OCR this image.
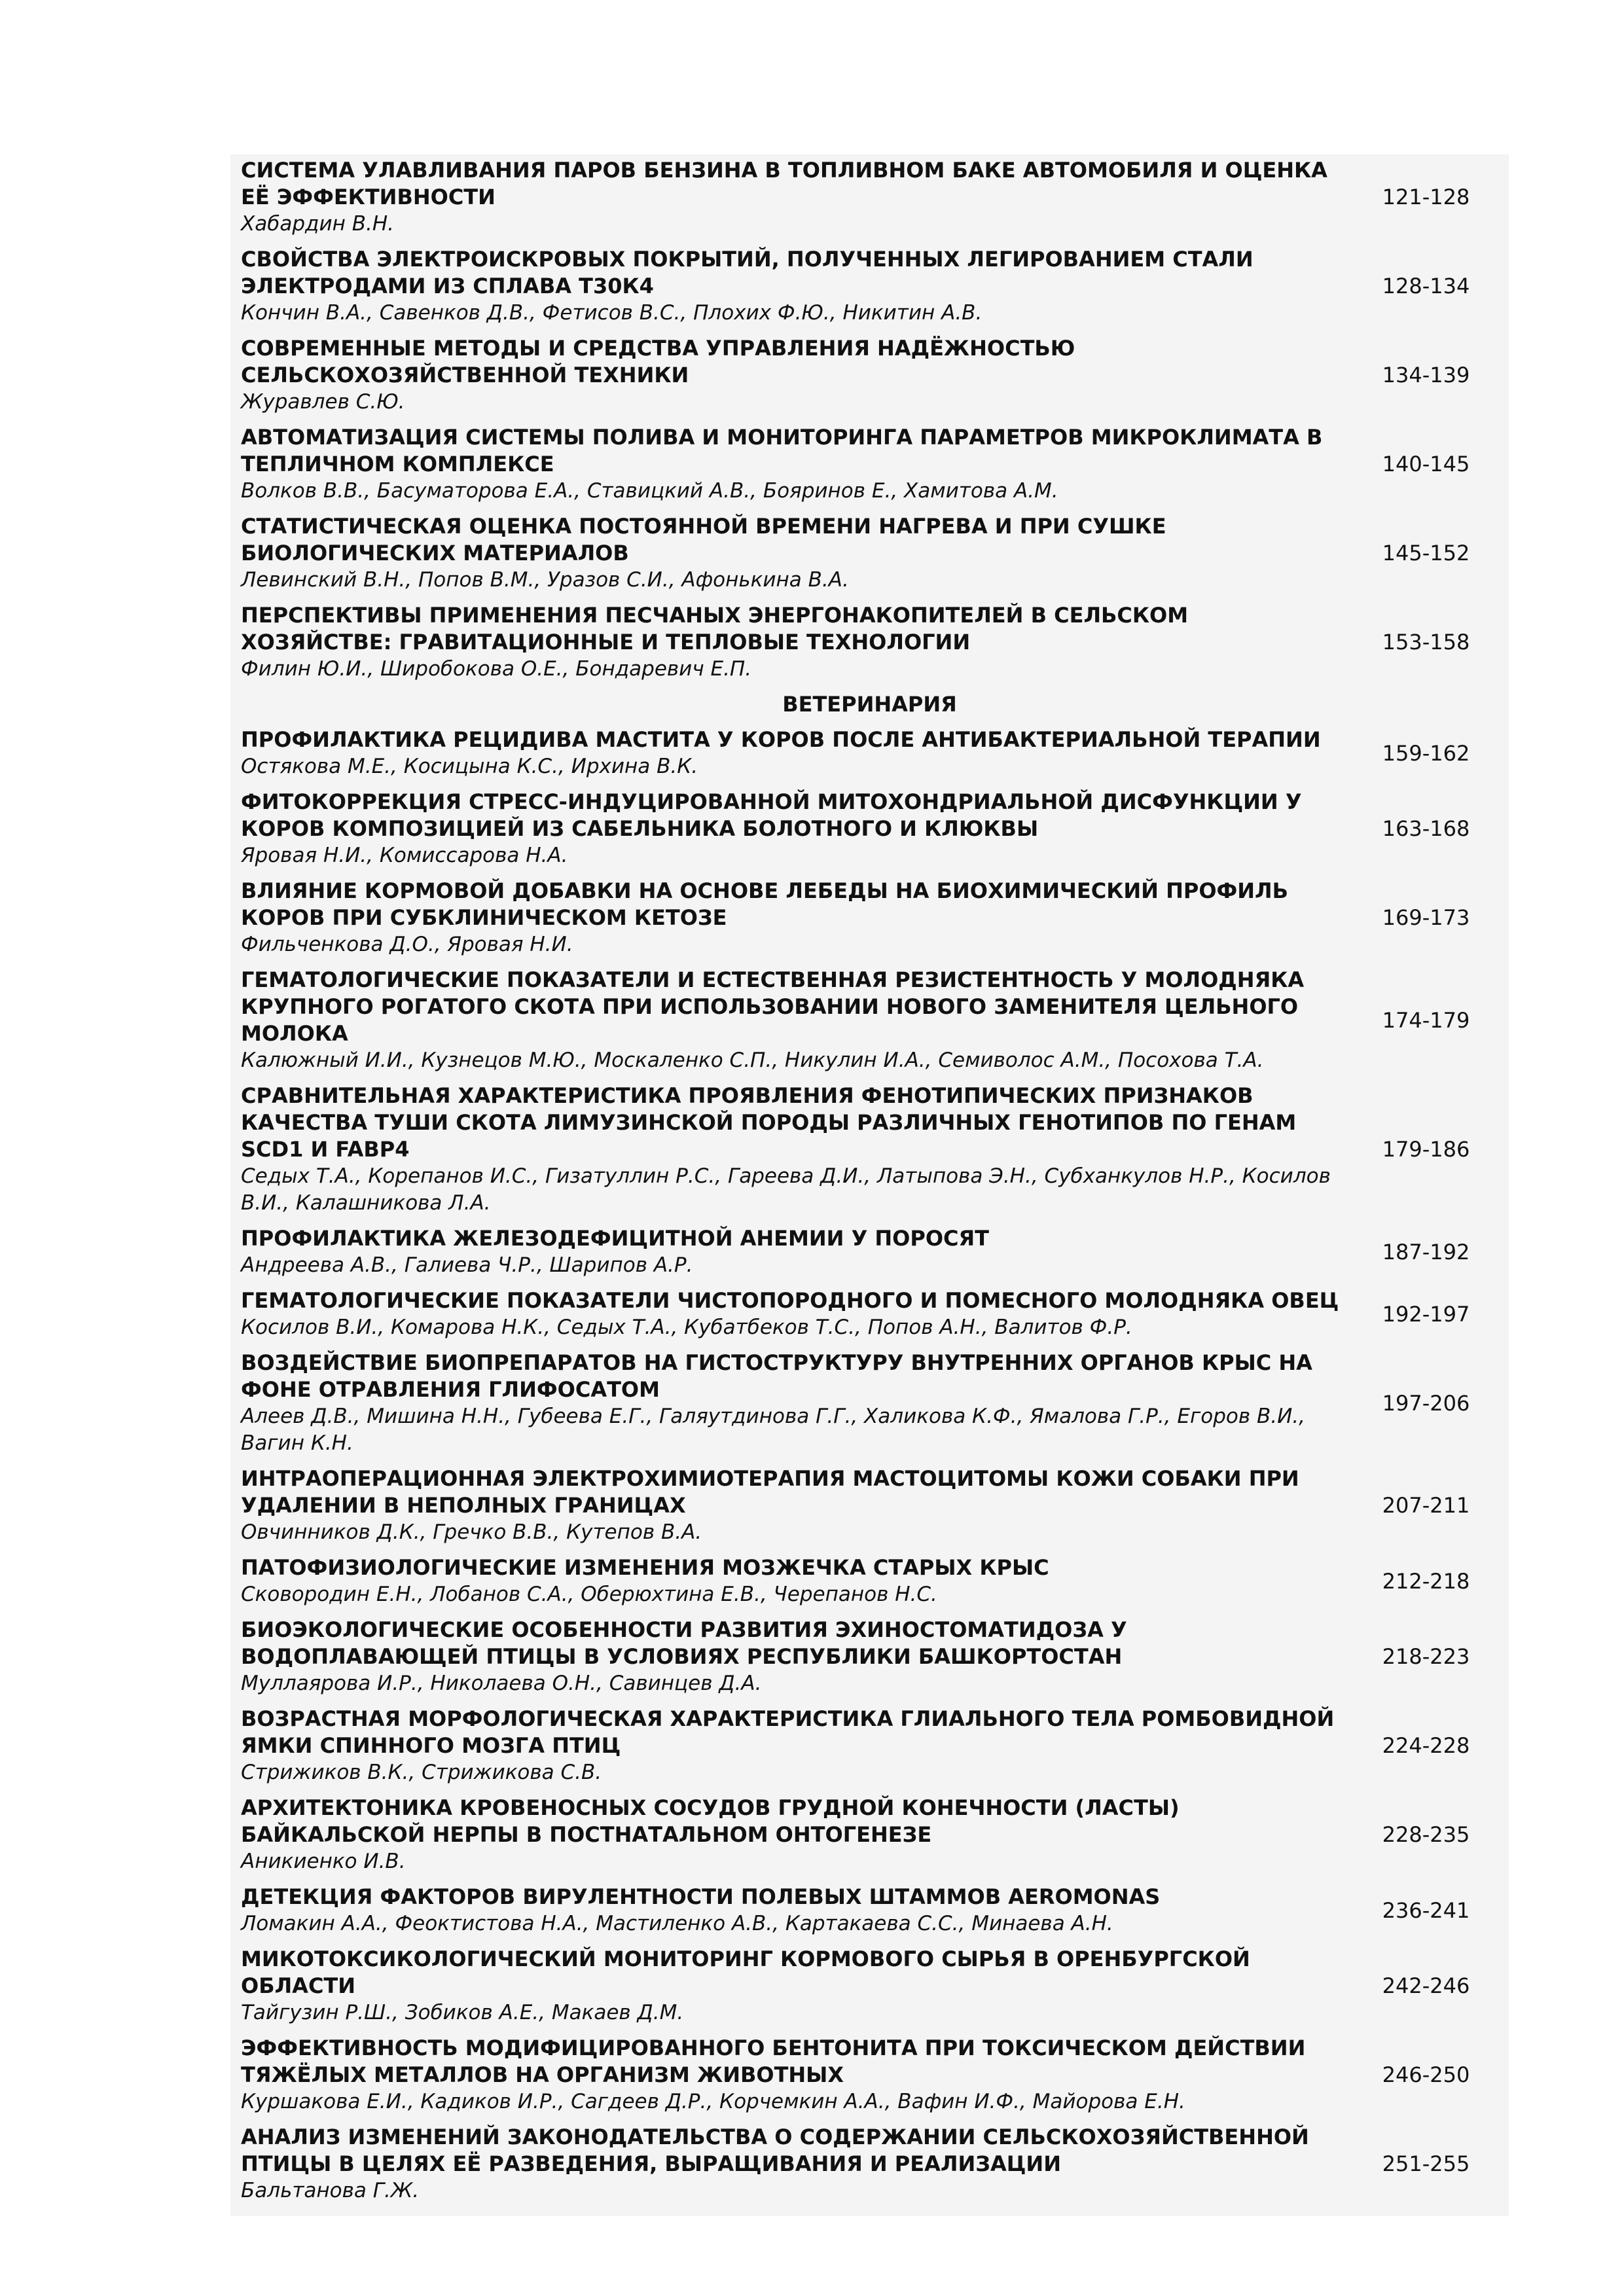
СИСТЕМА УЛАВЛИВАНИЯ ПАРОВ БЕНЗИНА В ТОПЛИВНОМ БАКЕ АВТОМОБИЛЯ И ОЦЕНКА ЕЁ ЭФФЕКТИВНОСТИ
Хабардин В.Н.
121-128
СВОЙСТВА ЭЛЕКТРОИСКРОВЫХ ПОКРЫТИЙ, ПОЛУЧЕННЫХ ЛЕГИРОВАНИЕМ СТАЛИ ЭЛЕКТРОДАМИ ИЗ СПЛАВА Т30К4
Кончин В.А., Савенков Д.В., Фетисов В.С., Плохих Ф.Ю., Никитин А.В.
128-134
СОВРЕМЕННЫЕ МЕТОДЫ И СРЕДСТВА УПРАВЛЕНИЯ НАДЁЖНОСТЬЮ СЕЛЬСКОХОЗЯЙСТВЕННОЙ ТЕХНИКИ
Журавлев С.Ю.
134-139
АВТОМАТИЗАЦИЯ СИСТЕМЫ ПОЛИВА И МОНИТОРИНГА ПАРАМЕТРОВ МИКРОКЛИМАТА В ТЕПЛИЧНОМ КОМПЛЕКСЕ
Волков В.В., Басуматорова Е.А., Ставицкий А.В., Бояринов Е., Хамитова А.М.
140-145
СТАТИСТИЧЕСКАЯ ОЦЕНКА ПОСТОЯННОЙ ВРЕМЕНИ НАГРЕВА И ПРИ СУШКЕ БИОЛОГИЧЕСКИХ МАТЕРИАЛОВ
Левинский В.Н., Попов В.М., Уразов С.И., Афонькина В.А.
145-152
ПЕРСПЕКТИВЫ ПРИМЕНЕНИЯ ПЕСЧАНЫХ ЭНЕРГОНАКОПИТЕЛЕЙ В СЕЛЬСКОМ ХОЗЯЙСТВЕ: ГРАВИТАЦИОННЫЕ И ТЕПЛОВЫЕ ТЕХНОЛОГИИ
Филин Ю.И., Широбокова О.Е., Бондаревич Е.П.
153-158
ВЕТЕРИНАРИЯ
ПРОФИЛАКТИКА РЕЦИДИВА МАСТИТА У КОРОВ ПОСЛЕ АНТИБАКТЕРИАЛЬНОЙ ТЕРАПИИ
Остякова М.Е., Косицына К.С., Ирхина В.К.
159-162
ФИТОКОРРЕКЦИЯ СТРЕСС-ИНДУЦИРОВАННОЙ МИТОХОНДРИАЛЬНОЙ ДИСФУНКЦИИ У КОРОВ КОМПОЗИЦИЕЙ ИЗ САБЕЛЬНИКА БОЛОТНОГО И КЛЮКВЫ
Яровая Н.И., Комиссарова Н.А.
163-168
ВЛИЯНИЕ КОРМОВОЙ ДОБАВКИ НА ОСНОВЕ ЛЕБЕДЫ НА БИОХИМИЧЕСКИЙ ПРОФИЛЬ КОРОВ ПРИ СУБКЛИНИЧЕСКОМ КЕТОЗЕ
Фильченкова Д.О., Яровая Н.И.
169-173
ГЕМАТОЛОГИЧЕСКИЕ ПОКАЗАТЕЛИ И ЕСТЕСТВЕННАЯ РЕЗИСТЕНТНОСТЬ У МОЛОДНЯКА КРУПНОГО РОГАТОГО СКОТА ПРИ ИСПОЛЬЗОВАНИИ НОВОГО ЗАМЕНИТЕЛЯ ЦЕЛЬНОГО МОЛОКА
Калюжный И.И., Кузнецов М.Ю., Москаленко С.П., Никулин И.А., Семиволос А.М., Посохова Т.А.
174-179
СРАВНИТЕЛЬНАЯ ХАРАКТЕРИСТИКА ПРОЯВЛЕНИЯ ФЕНОТИПИЧЕСКИХ ПРИЗНАКОВ КАЧЕСТВА ТУШИ СКОТА ЛИМУЗИНСКОЙ ПОРОДЫ РАЗЛИЧНЫХ ГЕНОТИПОВ ПО ГЕНАМ SCD1 И FABP4
Седых Т.А., Корепанов И.С., Гизатуллин Р.С., Гареева Д.И., Латыпова Э.Н., Субханкулов Н.Р., Косилов В.И., Калашникова Л.А.
179-186
ПРОФИЛАКТИКА ЖЕЛЕЗОДЕФИЦИТНОЙ АНЕМИИ У ПОРОСЯТ
Андреева А.В., Галиева Ч.Р., Шарипов А.Р.
187-192
ГЕМАТОЛОГИЧЕСКИЕ ПОКАЗАТЕЛИ ЧИСТОПОРОДНОГО И ПОМЕСНОГО МОЛОДНЯКА ОВЕЦ
Косилов В.И., Комарова Н.К., Седых Т.А., Кубатбеков Т.С., Попов А.Н., Валитов Ф.Р.
192-197
ВОЗДЕЙСТВИЕ БИОПРЕПАРАТОВ НА ГИСТОСТРУКТУРУ ВНУТРЕННИХ ОРГАНОВ КРЫС НА ФОНЕ ОТРАВЛЕНИЯ ГЛИФОСАТОМ
Алеев Д.В., Мишина Н.Н., Губеева Е.Г., Галяутдинова Г.Г., Халикова К.Ф., Ямалова Г.Р., Егоров В.И., Вагин К.Н.
197-206
ИНТРАОПЕРАЦИОННАЯ ЭЛЕКТРОХИМИОТЕРАПИЯ МАСТОЦИТОМЫ КОЖИ СОБАКИ ПРИ УДАЛЕНИИ В НЕПОЛНЫХ ГРАНИЦАХ
Овчинников Д.К., Гречко В.В., Кутепов В.А.
207-211
ПАТОФИЗИОЛОГИЧЕСКИЕ ИЗМЕНЕНИЯ МОЗЖЕЧКА СТАРЫХ КРЫС
Сковородин Е.Н., Лобанов С.А., Оберюхтина Е.В., Черепанов Н.С.
212-218
БИОЭКОЛОГИЧЕСКИЕ ОСОБЕННОСТИ РАЗВИТИЯ ЭХИНОСТОМАТИДОЗА У ВОДОПЛАВАЮЩЕЙ ПТИЦЫ В УСЛОВИЯХ РЕСПУБЛИКИ БАШКОРТОСТАН
Муллаярова И.Р., Николаева О.Н., Савинцев Д.А.
218-223
ВОЗРАСТНАЯ МОРФОЛОГИЧЕСКАЯ ХАРАКТЕРИСТИКА ГЛИАЛЬНОГО ТЕЛА РОМБОВИДНОЙ ЯМКИ СПИННОГО МОЗГА ПТИЦ
Стрижиков В.К., Стрижикова С.В.
224-228
АРХИТЕКТОНИКА КРОВЕНОСНЫХ СОСУДОВ ГРУДНОЙ КОНЕЧНОСТИ (ЛАСТЫ) БАЙКАЛЬСКОЙ НЕРПЫ В ПОСТНАТАЛЬНОМ ОНТОГЕНЕЗЕ
Аникиенко И.В.
228-235
ДЕТЕКЦИЯ ФАКТОРОВ ВИРУЛЕНТНОСТИ ПОЛЕВЫХ ШТАММОВ AEROMONAS
Ломакин А.А., Феоктистова Н.А., Мастиленко А.В., Картакаева С.С., Минаева А.Н.
236-241
МИКОТОКСИКОЛОГИЧЕСКИЙ МОНИТОРИНГ КОРМОВОГО СЫРЬЯ В ОРЕНБУРГСКОЙ ОБЛАСТИ
Тайгузин Р.Ш., Зобиков А.Е., Макаев Д.М.
242-246
ЭФФЕКТИВНОСТЬ МОДИФИЦИРОВАННОГО БЕНТОНИТА ПРИ ТОКСИЧЕСКОМ ДЕЙСТВИИ ТЯЖЁЛЫХ МЕТАЛЛОВ НА ОРГАНИЗМ ЖИВОТНЫХ
Куршакова Е.И., Кадиков И.Р., Сагдеев Д.Р., Корчемкин А.А., Вафин И.Ф., Майорова Е.Н.
246-250
АНАЛИЗ ИЗМЕНЕНИЙ ЗАКОНОДАТЕЛЬСТВА О СОДЕРЖАНИИ СЕЛЬСКОХОЗЯЙСТВЕННОЙ ПТИЦЫ В ЦЕЛЯХ ЕЁ РАЗВЕДЕНИЯ, ВЫРАЩИВАНИЯ И РЕАЛИЗАЦИИ
Бальтанова Г.Ж.
251-255
